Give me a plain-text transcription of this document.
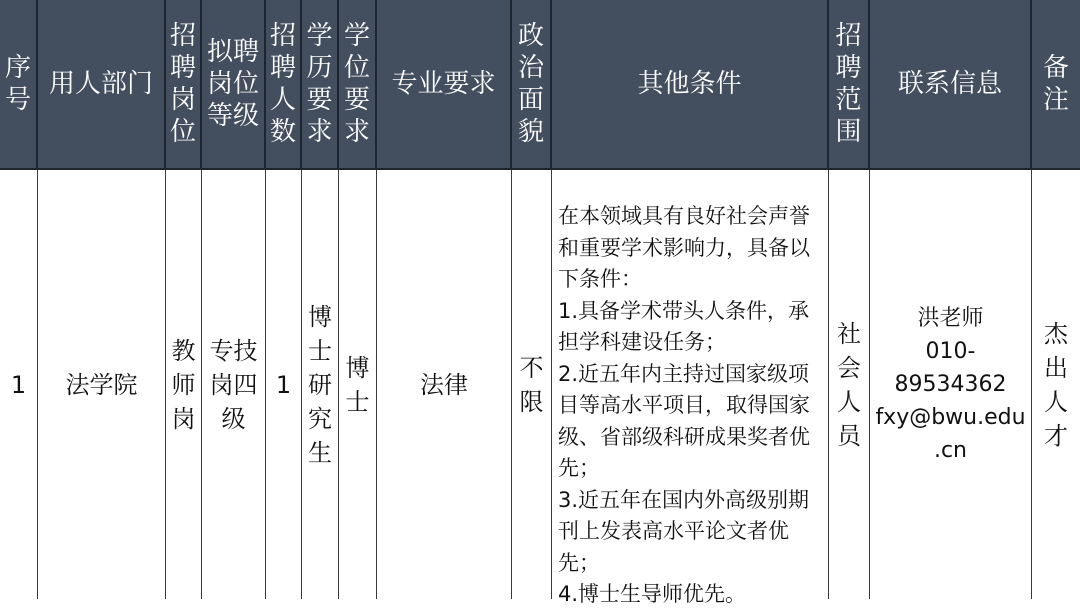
序号
用人部门
招聘岗位
拟聘岗位等级
招聘人数
学历要求
学位要求
专业要求
政治面貌
其他条件
招聘范围
联系信息
备注
1 法学院
教师岗
专技岗四级
1
博士研究生
博士
法律
不限
在本领域具有良好社会声誉和重要学术影响力，具备以下条件：
1.具备学术带头人条件，承担学科建设任务；
2.近五年内主持过国家级项目等高水平项目，取得国家级、省部级科研成果奖者优先；
3.近五年在国内外高级别期刊上发表高水平论文者优先；
4.博士生导师优先。
社会人员
洪老师
010-
89534362
fxy@bwu.edu
.cn
杰出人才
